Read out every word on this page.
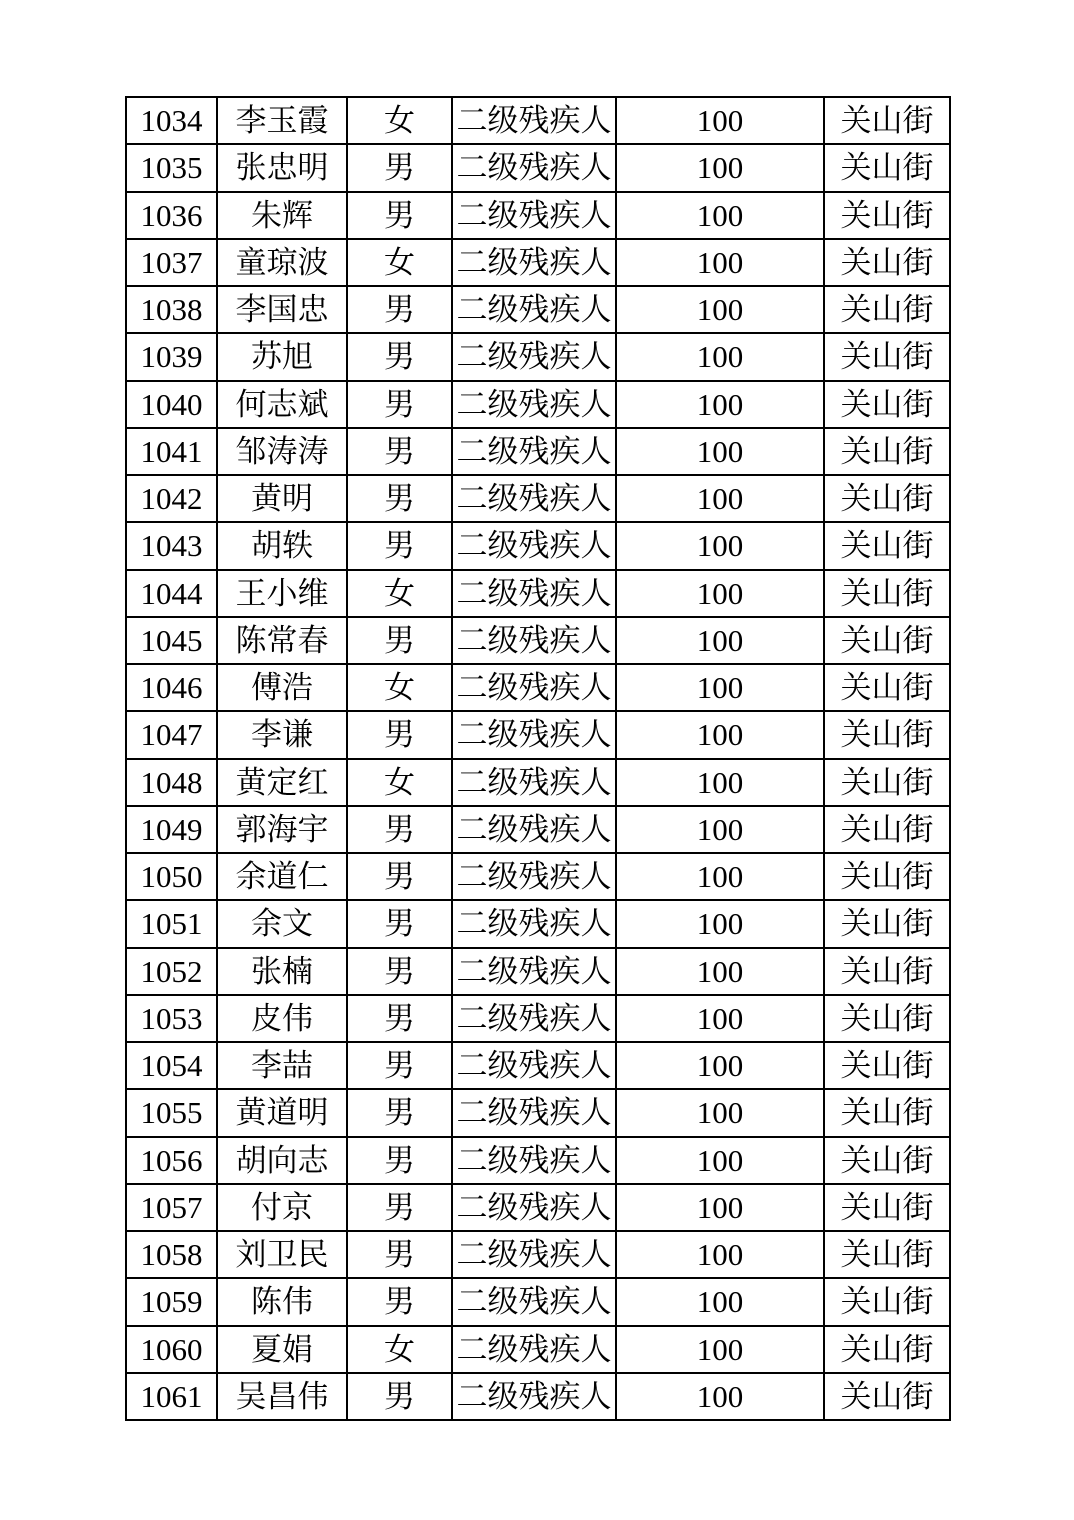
1034	李玉霞	女	二级残疾人	100	关山街
1035	张忠明	男	二级残疾人	100	关山街
1036	朱辉	男	二级残疾人	100	关山街
1037	童琼波	女	二级残疾人	100	关山街
1038	李国忠	男	二级残疾人	100	关山街
1039	苏旭	男	二级残疾人	100	关山街
1040	何志斌	男	二级残疾人	100	关山街
1041	邹涛涛	男	二级残疾人	100	关山街
1042	黄明	男	二级残疾人	100	关山街
1043	胡轶	男	二级残疾人	100	关山街
1044	王小维	女	二级残疾人	100	关山街
1045	陈常春	男	二级残疾人	100	关山街
1046	傅浩	女	二级残疾人	100	关山街
1047	李谦	男	二级残疾人	100	关山街
1048	黄定红	女	二级残疾人	100	关山街
1049	郭海宇	男	二级残疾人	100	关山街
1050	余道仁	男	二级残疾人	100	关山街
1051	余文	男	二级残疾人	100	关山街
1052	张楠	男	二级残疾人	100	关山街
1053	皮伟	男	二级残疾人	100	关山街
1054	李喆	男	二级残疾人	100	关山街
1055	黄道明	男	二级残疾人	100	关山街
1056	胡向志	男	二级残疾人	100	关山街
1057	付京	男	二级残疾人	100	关山街
1058	刘卫民	男	二级残疾人	100	关山街
1059	陈伟	男	二级残疾人	100	关山街
1060	夏娟	女	二级残疾人	100	关山街
1061	吴昌伟	男	二级残疾人	100	关山街
